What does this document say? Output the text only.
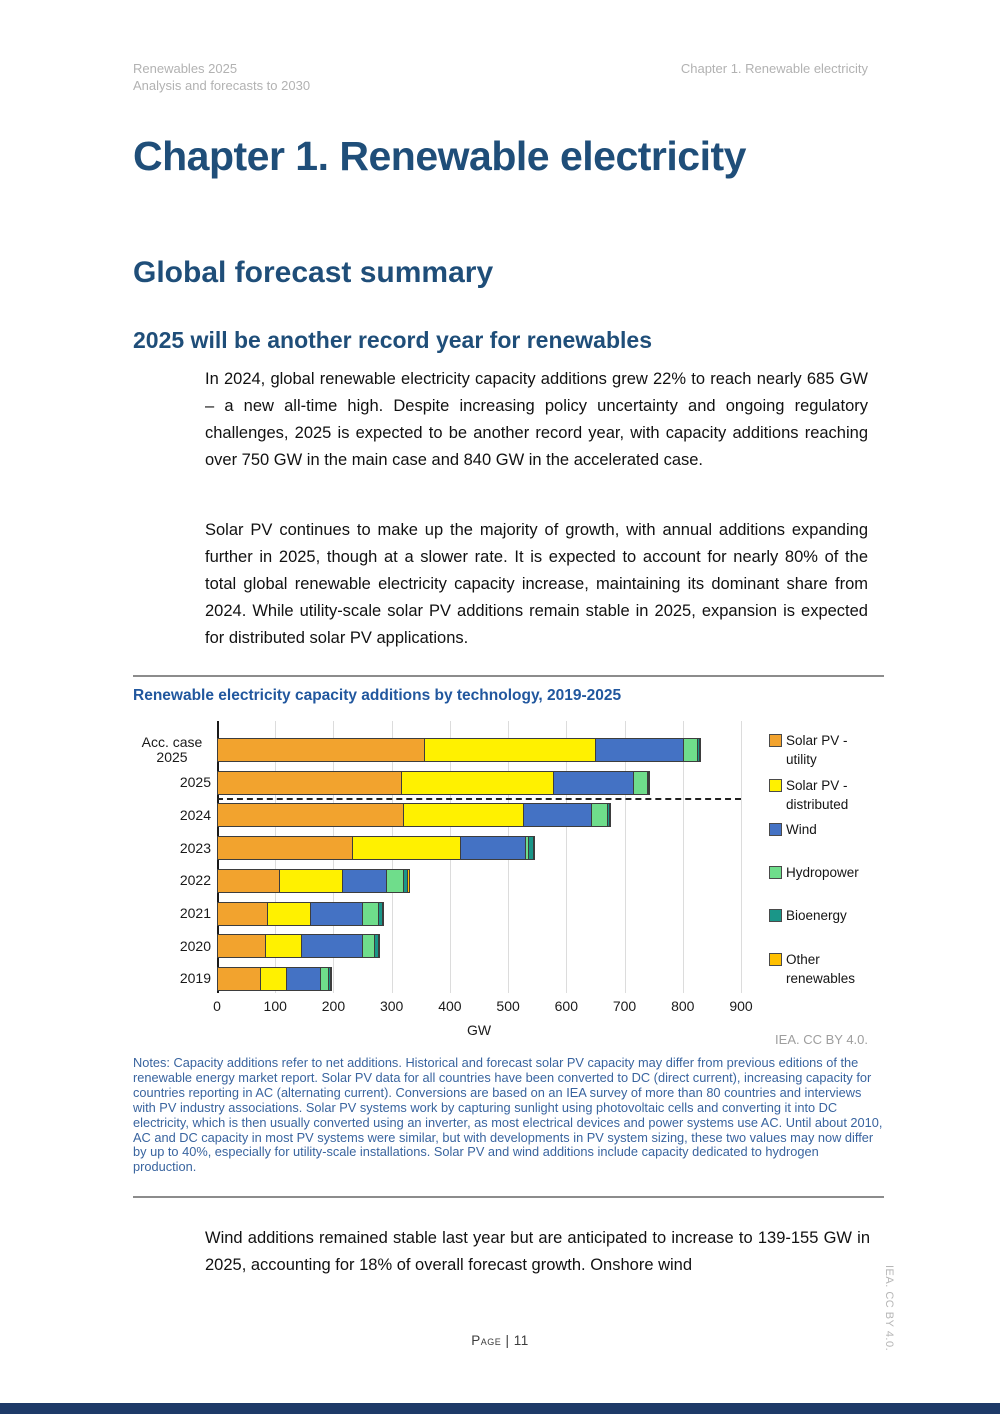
Renewables 2025
Analysis and forecasts to 2030
Chapter 1. Renewable electricity
Chapter 1. Renewable electricity
Global forecast summary
2025 will be another record year for renewables
In 2024, global renewable electricity capacity additions grew 22% to reach nearly 685 GW – a new all-time high. Despite increasing policy uncertainty and ongoing regulatory challenges, 2025 is expected to be another record year, with capacity additions reaching over 750 GW in the main case and 840 GW in the accelerated case.
Solar PV continues to make up the majority of growth, with annual additions expanding further in 2025, though at a slower rate. It is expected to account for nearly 80% of the total global renewable electricity capacity increase, maintaining its dominant share from 2024. While utility-scale solar PV additions remain stable in 2025, expansion is expected for distributed solar PV applications.
Renewable electricity capacity additions by technology, 2019-2025
Acc. case 2025
2025
2024
2023
2022
2021
2020
2019
0	100	200	300	400	500	600	700	800	900
GW
Solar PV - utility
Solar PV - distributed
Wind
Hydropower
Bioenergy
Other renewables
IEA. CC BY 4.0.
Notes: Capacity additions refer to net additions. Historical and forecast solar PV capacity may differ from previous editions of the renewable energy market report. Solar PV data for all countries have been converted to DC (direct current), increasing capacity for countries reporting in AC (alternating current). Conversions are based on an IEA survey of more than 80 countries and interviews with PV industry associations. Solar PV systems work by capturing sunlight using photovoltaic cells and converting it into DC electricity, which is then usually converted using an inverter, as most electrical devices and power systems use AC. Until about 2010, AC and DC capacity in most PV systems were similar, but with developments in PV system sizing, these two values may now differ by up to 40%, especially for utility-scale installations. Solar PV and wind additions include capacity dedicated to hydrogen production.
Wind additions remained stable last year but are anticipated to increase to 139-155 GW in 2025, accounting for 18% of overall forecast growth. Onshore wind	IEA. CC BY 4.0.
Page | 11
